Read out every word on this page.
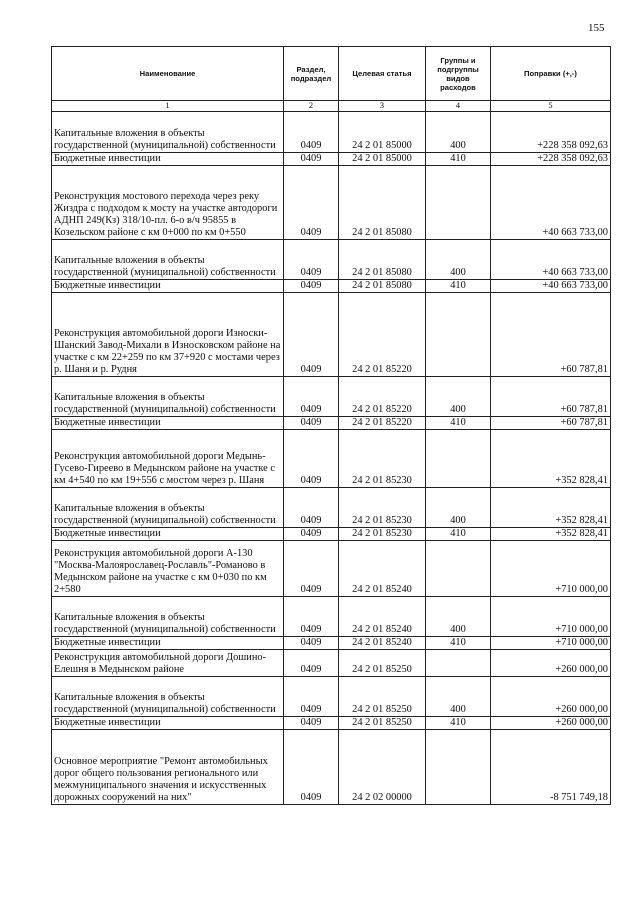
155
Наименование	Раздел, подраздел	Целевая статья	Группы и подгруппы видов расходов	Поправки (+,-)
1	2	3	4	5
Капитальные вложения в объекты государственной (муниципальной) собственности	0409	24 2 01 85000	400	+228 358 092,63
Бюджетные инвестиции	0409	24 2 01 85000	410	+228 358 092,63
Реконструкция мостового перехода через реку Жиздра с подходом к мосту на участке автодороги АДНП 249(Кз) 318/10-пл. 6-о в/ч 95855 в Козельском районе с км 0+000 по км 0+550	0409	24 2 01 85080		+40 663 733,00
Капитальные вложения в объекты государственной (муниципальной) собственности	0409	24 2 01 85080	400	+40 663 733,00
Бюджетные инвестиции	0409	24 2 01 85080	410	+40 663 733,00
Реконструкция автомобильной дороги Износки-Шанский Завод-Михали в Износковском районе на участке с км 22+259 по км 37+920 с мостами через р. Шаня и р. Рудня	0409	24 2 01 85220		+60 787,81
Капитальные вложения в объекты государственной (муниципальной) собственности	0409	24 2 01 85220	400	+60 787,81
Бюджетные инвестиции	0409	24 2 01 85220	410	+60 787,81
Реконструкция автомобильной дороги Медынь-Гусево-Гиреево в Медынском районе на участке с км 4+540 по км 19+556 с мостом через р. Шаня	0409	24 2 01 85230		+352 828,41
Капитальные вложения в объекты государственной (муниципальной) собственности	0409	24 2 01 85230	400	+352 828,41
Бюджетные инвестиции	0409	24 2 01 85230	410	+352 828,41
Реконструкция автомобильной дороги А-130 "Москва-Малоярославец-Рославль"-Романово в Медынском районе на участке с км 0+030 по км 2+580	0409	24 2 01 85240		+710 000,00
Капитальные вложения в объекты государственной (муниципальной) собственности	0409	24 2 01 85240	400	+710 000,00
Бюджетные инвестиции	0409	24 2 01 85240	410	+710 000,00
Реконструкция автомобильной дороги Дошино-Елешня в Медынском районе	0409	24 2 01 85250		+260 000,00
Капитальные вложения в объекты государственной (муниципальной) собственности	0409	24 2 01 85250	400	+260 000,00
Бюджетные инвестиции	0409	24 2 01 85250	410	+260 000,00
Основное мероприятие "Ремонт автомобильных дорог общего пользования регионального или межмуниципального значения и искусственных дорожных сооружений на них"	0409	24 2 02 00000		-8 751 749,18
